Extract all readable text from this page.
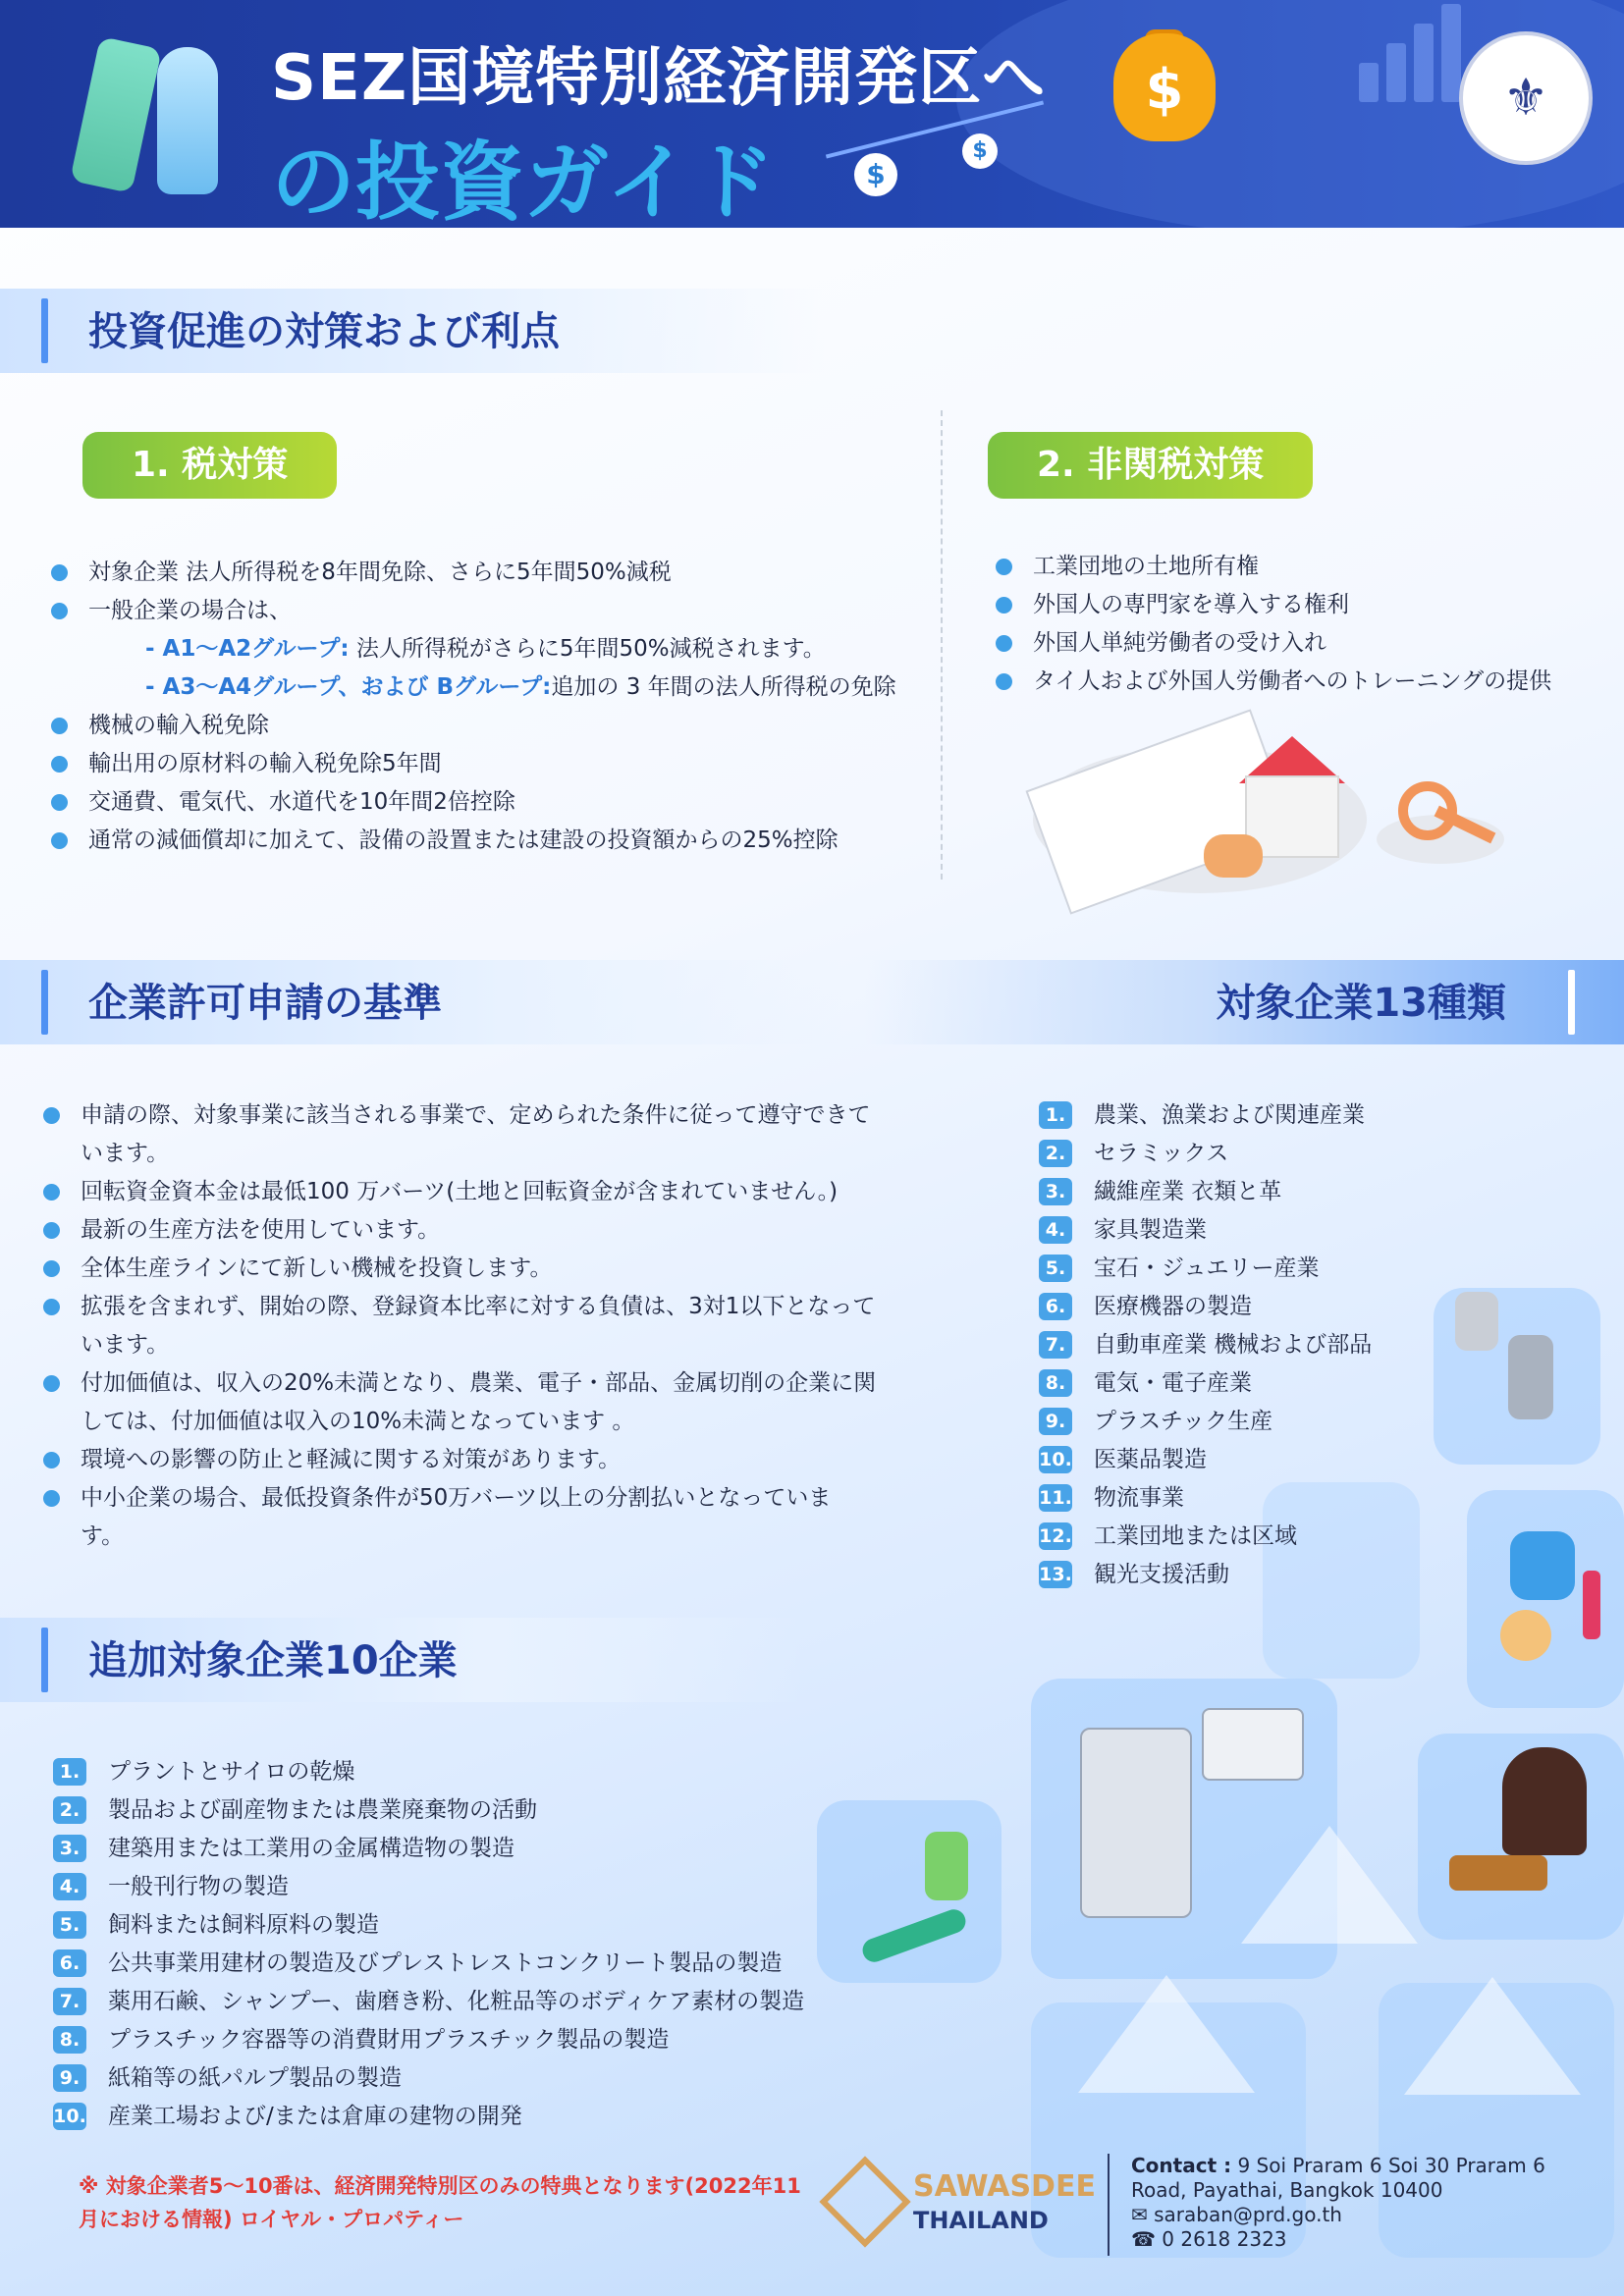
SEZ国境特別経済開発区へ
の投資ガイド	$
$
$	⚜
投資促進の対策および利点
1. 税対策	2. 非関税対策
対象企業 法人所得税を8年間免除、さらに5年間50%減税
一般企業の場合は、
- A1～A2グループ: 法人所得税がさらに5年間50%減税されます。
- A3～A4グループ、および Bグループ:追加の 3 年間の法人所得税の免除
機械の輸入税免除
輸出用の原材料の輸入税免除5年間
交通費、電気代、水道代を10年間2倍控除
通常の減価償却に加えて、設備の設置または建設の投資額からの25%控除
工業団地の土地所有権
外国人の専門家を導入する権利
外国人単純労働者の受け入れ
タイ人および外国人労働者へのトレーニングの提供
企業許可申請の基準	対象企業13種類
申請の際、対象事業に該当される事業で、定められた条件に従って遵守できています。
回転資金資本金は最低100 万バーツ(土地と回転資金が含まれていません。)
最新の生産方法を使用しています。
全体生産ラインにて新しい機械を投資します。
拡張を含まれず、開始の際、登録資本比率に対する負債は、3対1以下となっています。
付加価値は、収入の20%未満となり、農業、電子・部品、金属切削の企業に関しては、付加価値は収入の10%未満となっています 。
環境への影響の防止と軽減に関する対策があります。
中小企業の場合、最低投資条件が50万バーツ以上の分割払いとなっています。
1. 農業、漁業および関連産業
2. セラミックス
3. 繊維産業 衣類と革
4. 家具製造業
5. 宝石・ジュエリー産業
6. 医療機器の製造
7. 自動車産業 機械および部品
8. 電気・電子産業
9. プラスチック生産
10. 医薬品製造
11. 物流事業
12. 工業団地または区域
13. 観光支援活動
追加対象企業10企業
1. プラントとサイロの乾燥
2. 製品および副産物または農業廃棄物の活動
3. 建築用または工業用の金属構造物の製造
4. 一般刊行物の製造
5. 飼料または飼料原料の製造
6. 公共事業用建材の製造及びプレストレストコンクリート製品の製造
7. 薬用石鹸、シャンプー、歯磨き粉、化粧品等のボディケア素材の製造
8. プラスチック容器等の消費財用プラスチック製品の製造
9. 紙箱等の紙パルプ製品の製造
10. 産業工場および/または倉庫の建物の開発
※ 対象企業者5～10番は、経済開発特別区のみの特典となります(2022年11月における情報) ロイヤル・プロパティー
SAWASDEE
THAILAND
Contact : 9 Soi Praram 6 Soi 30 Praram 6 Road, Payathai, Bangkok 10400
✉ saraban@prd.go.th
☎ 0 2618 2323
